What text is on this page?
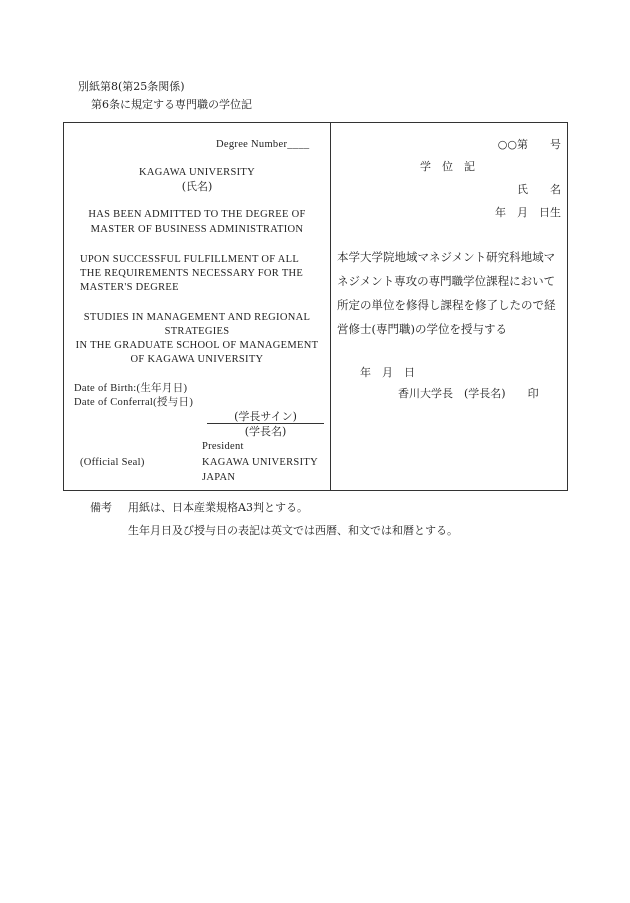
別紙第8(第25条関係)
第6条に規定する専門職の学位記
Degree Number____
KAGAWA UNIVERSITY
(氏名)
HAS BEEN ADMITTED TO THE DEGREE OF
MASTER OF BUSINESS ADMINISTRATION
UPON SUCCESSFUL FULFILLMENT OF ALL
THE REQUIREMENTS NECESSARY FOR THE
MASTER'S DEGREE
STUDIES IN MANAGEMENT AND REGIONAL
STRATEGIES
IN THE GRADUATE SCHOOL OF MANAGEMENT
OF KAGAWA UNIVERSITY
Date of Birth:(生年月日)
Date of Conferral(授与日)
(学長サイン)
(学長名)
President
(Official Seal)	KAGAWA UNIVERSITY
JAPAN
○○第　　号
学　位　記
氏　　名
年　月　日生
本学大学院地域マネジメント研究科地域マ
ネジメント専攻の専門職学位課程において
所定の単位を修得し課程を修了したので経
営修士(専門職)の学位を授与する
年　月　日
香川大学長　(学長名)　　印
備考 用紙は、日本産業規格A3判とする。
生年月日及び授与日の表記は英文では西暦、和文では和暦とする。
